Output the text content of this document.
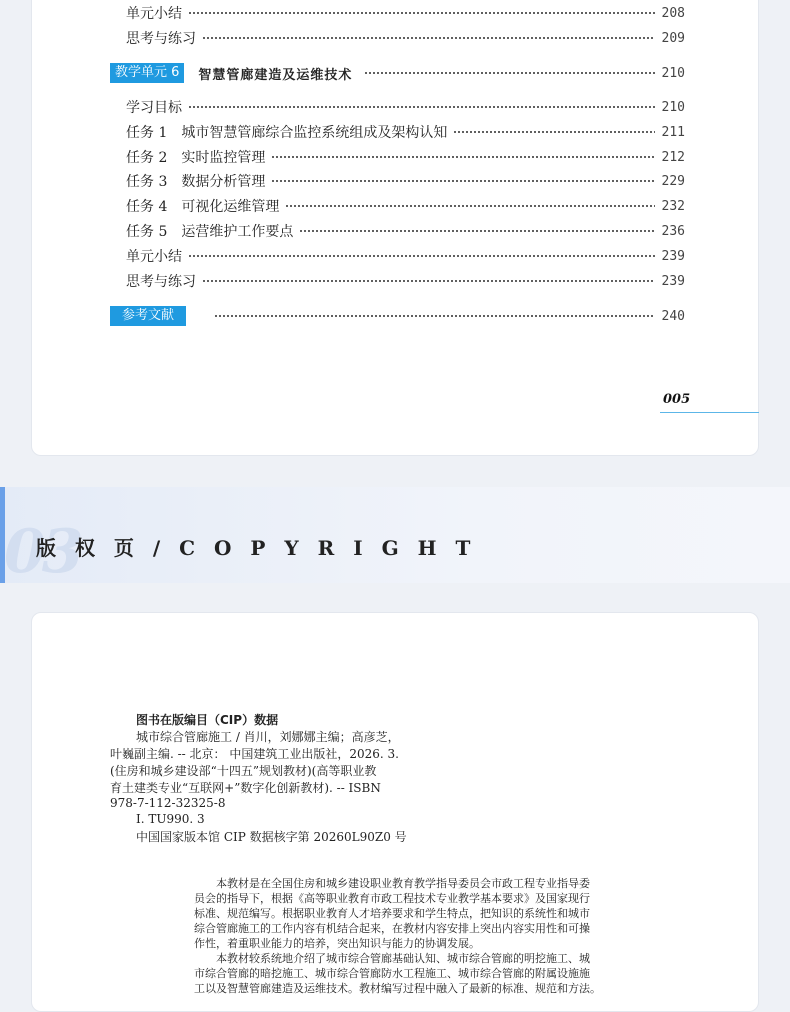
单元小结	208
思考与练习	209
教学单元 6	智慧管廊建造及运维技术	210
学习目标	210
任务 1 城市智慧管廊综合监控系统组成及架构认知	211
任务 2 实时监控管理	212
任务 3 数据分析管理	229
任务 4 可视化运维管理	232
任务 5 运营维护工作要点	236
单元小结	239
思考与练习	239
参考文献	240
005
03
版 权 页 / C O P Y R I G H T
图书在版编目（CIP）数据
城市综合管廊施工 / 肖川，刘娜娜主编；高彦芝，
叶巍副主编. -- 北京： 中国建筑工业出版社，2026. 3.
(住房和城乡建设部“十四五”规划教材)(高等职业教
育土建类专业“互联网+”数字化创新教材). -- ISBN
978-7-112-32325-8
Ⅰ. TU990. 3
中国国家版本馆 CIP 数据核字第 20260L90Z0 号
本教材是在全国住房和城乡建设职业教育教学指导委员会市政工程专业指导委
员会的指导下，根据《高等职业教育市政工程技术专业教学基本要求》及国家现行
标准、规范编写。根据职业教育人才培养要求和学生特点，把知识的系统性和城市
综合管廊施工的工作内容有机结合起来，在教材内容安排上突出内容实用性和可操
作性，着重职业能力的培养，突出知识与能力的协调发展。
本教材较系统地介绍了城市综合管廊基础认知、城市综合管廊的明挖施工、城
市综合管廊的暗挖施工、城市综合管廊防水工程施工、城市综合管廊的附属设施施
工以及智慧管廊建造及运维技术。教材编写过程中融入了最新的标准、规范和方法。
